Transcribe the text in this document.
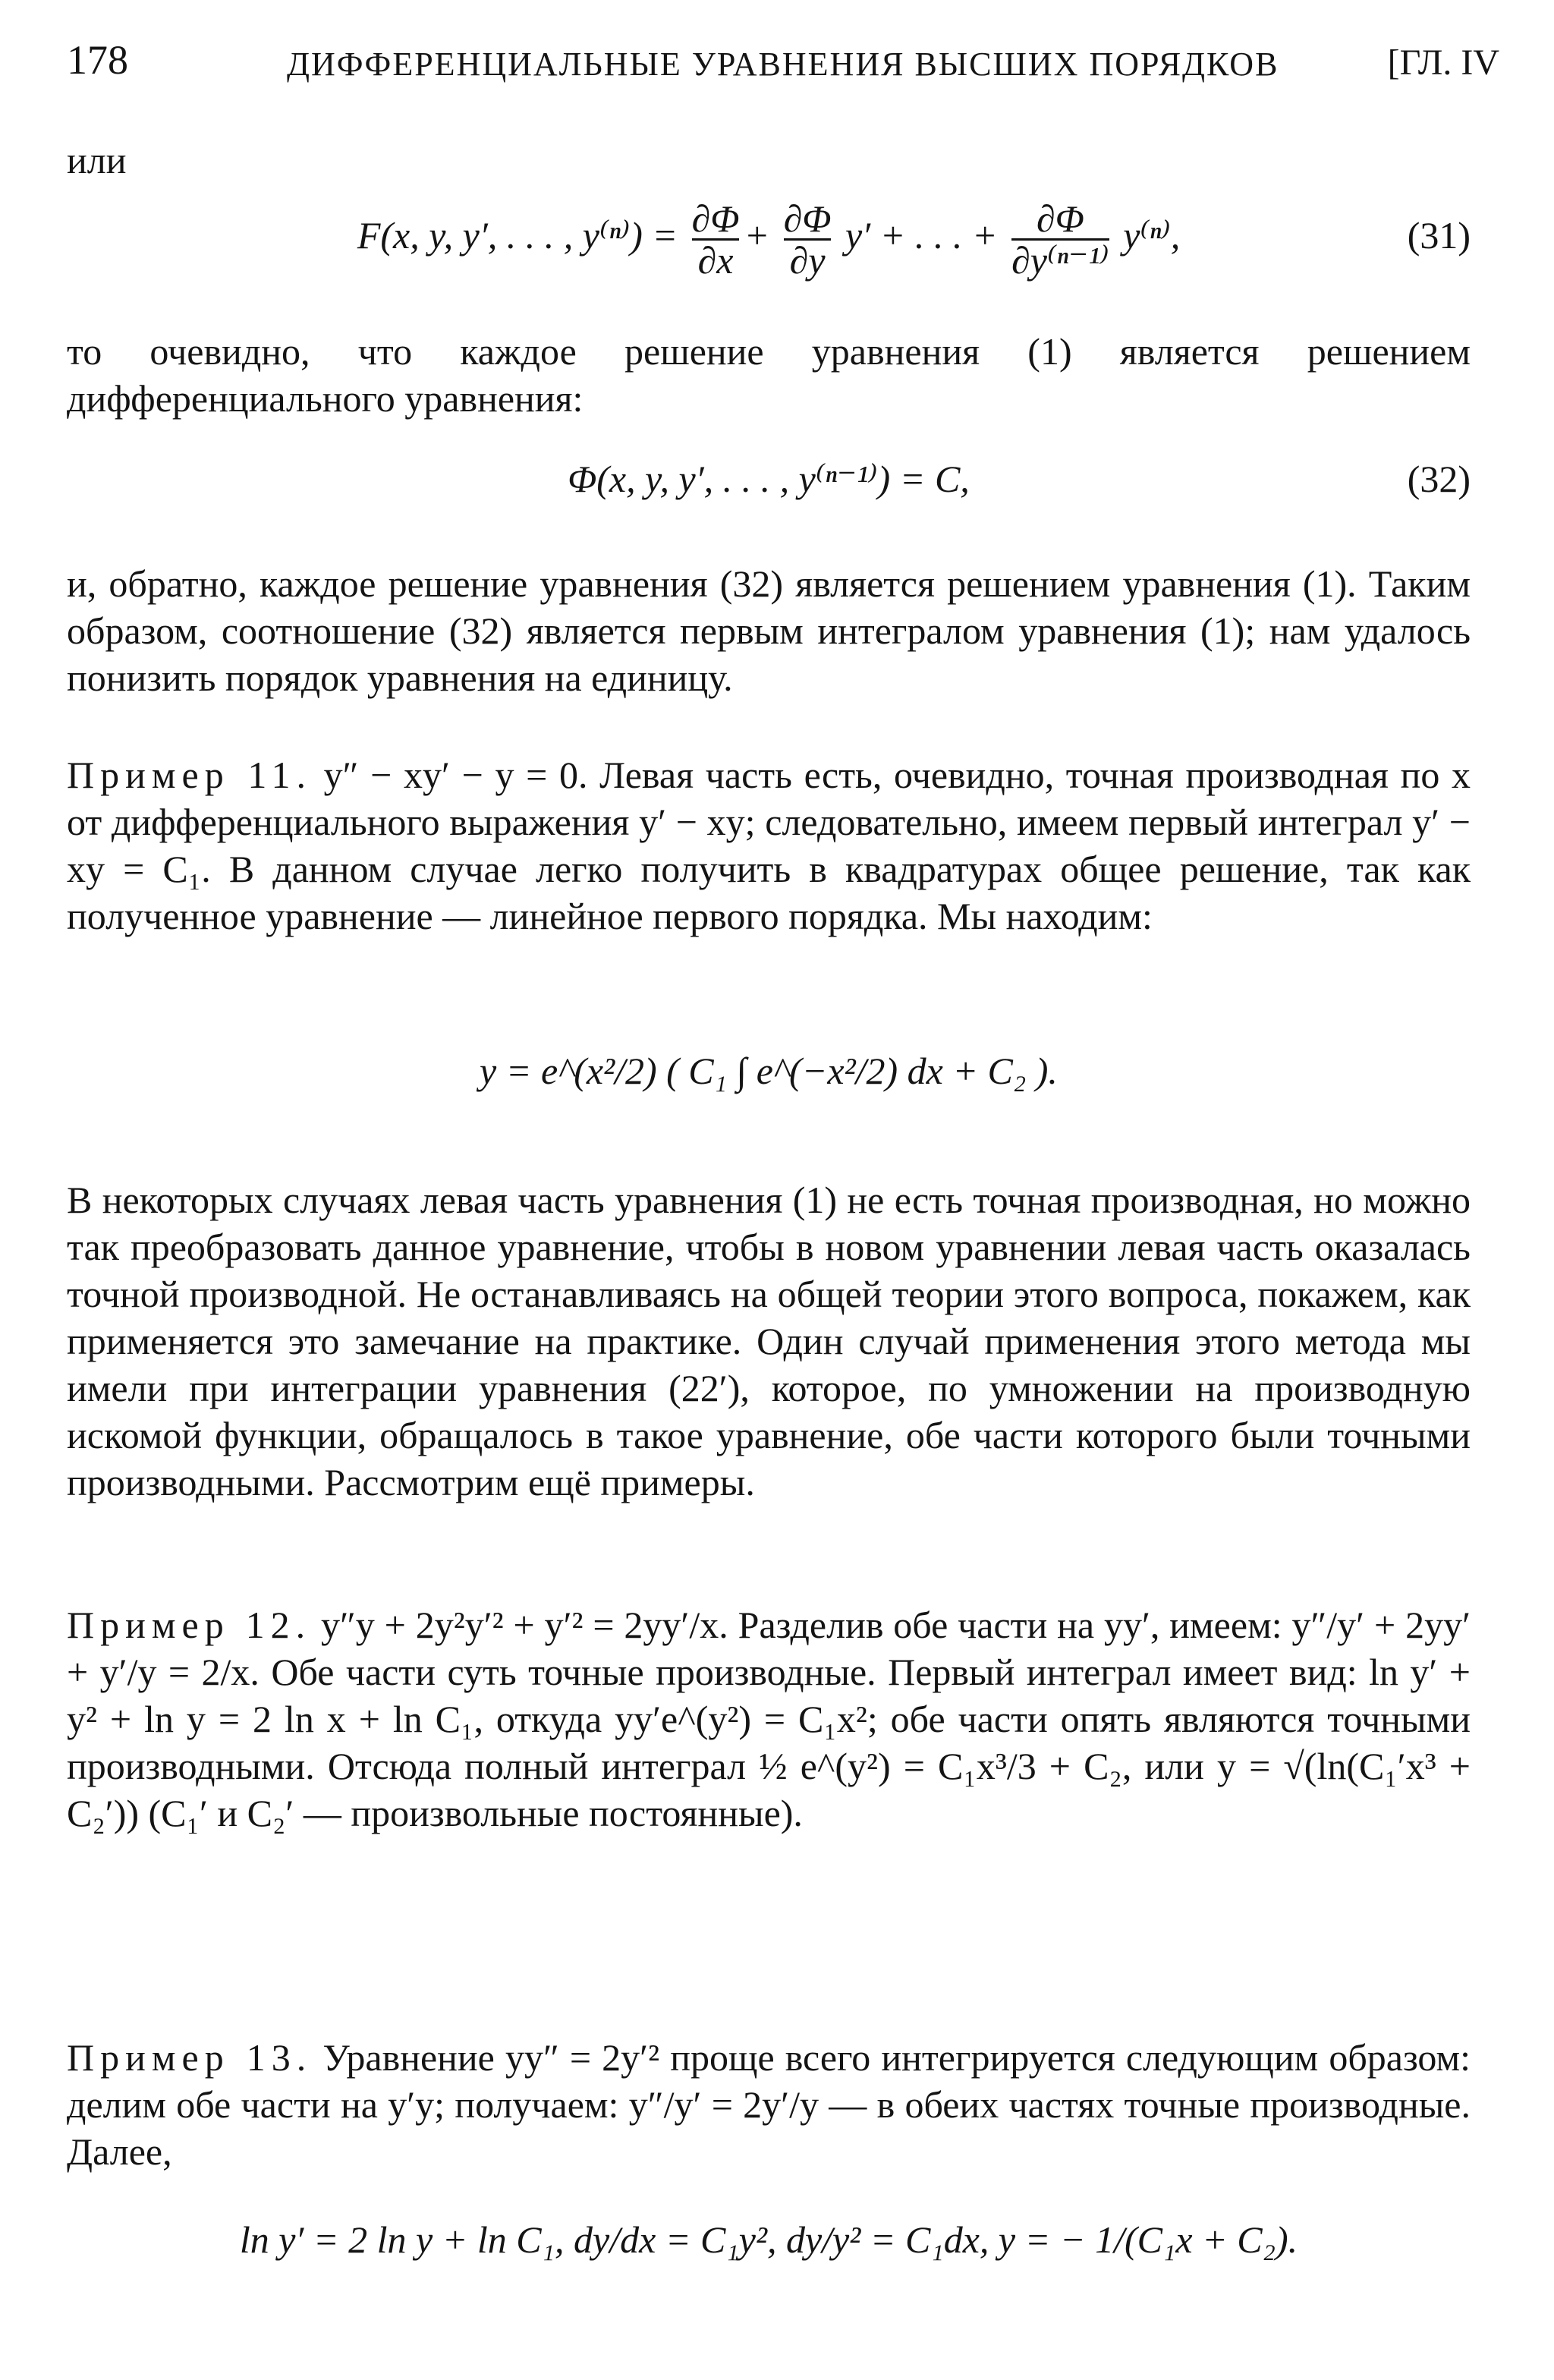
178	ДИФФЕРЕНЦИАЛЬНЫЕ УРАВНЕНИЯ ВЫСШИХ ПОРЯДКОВ	[ГЛ. IV

или

F(x, y, y′, . . . , $y^{(n)}) = \frac{\partial\Phi}{\partial x} + \frac{\partial\Phi}{\partial y} y'$ + . . . + $\frac{\partial\Phi}{\text{∂y⁽ⁿ⁻¹⁾}} y^{(n)}$,	(31)

то очевидно, что каждое решение уравнения (1) является решением дифференциального уравнения:

Φ(x, y, y′, . . . , y⁽ⁿ⁻¹⁾) = C,	(32)

и, обратно, каждое решение уравнения (32) является решением уравнения (1). Таким образом, соотношение (32) является первым интегралом уравнения (1); нам удалось понизить порядок уравнения на единицу.

Пример 11. y″ − xy′ − y = 0. Левая часть есть, очевидно, точная производная по x от дифференциального выражения y′ − xy; следовательно, имеем первый интеграл y′ − xy = C₁. В данном случае легко получить в квадратурах общее решение, так как полученное уравнение — линейное первого порядка. Мы находим:

y = e^(x²/2) ( C₁ ∫ e^(−x²/2) dx + C₂ ).

В некоторых случаях левая часть уравнения (1) не есть точная производная, но можно так преобразовать данное уравнение, чтобы в новом уравнении левая часть оказалась точной производной. Не останавливаясь на общей теории этого вопроса, покажем, как применяется это замечание на практике. Один случай применения этого метода мы имели при интеграции уравнения (22′), которое, по умножении на производную искомой функции, обращалось в такое уравнение, обе части которого были точными производными. Рассмотрим ещё примеры.

Пример 12. y″y + 2y²y′² + y′² = 2yy′/x. Разделив обе части на yy′, имеем: y″/y′ + 2yy′ + y′/y = 2/x. Обе части суть точные производные. Первый интеграл имеет вид: ln y′ + y² + ln y = 2 ln x + ln C₁, откуда yy′e^(y²) = C₁x²; обе части опять являются точными производными. Отсюда полный интеграл ½ e^(y²) = C₁x³/3 + C₂, или y = √(ln(C₁′x³ + C₂′)) (C₁′ и C₂′ — произвольные постоянные).

Пример 13. Уравнение yy″ = 2y′² проще всего интегрируется следующим образом: делим обе части на y′y; получаем: y″/y′ = 2y′/y — в обеих частях точные производные. Далее,

ln y′ = 2 ln y + ln C₁, dy/dx = C₁y², dy/y² = C₁dx, y = − 1/(C₁x + C₂).
